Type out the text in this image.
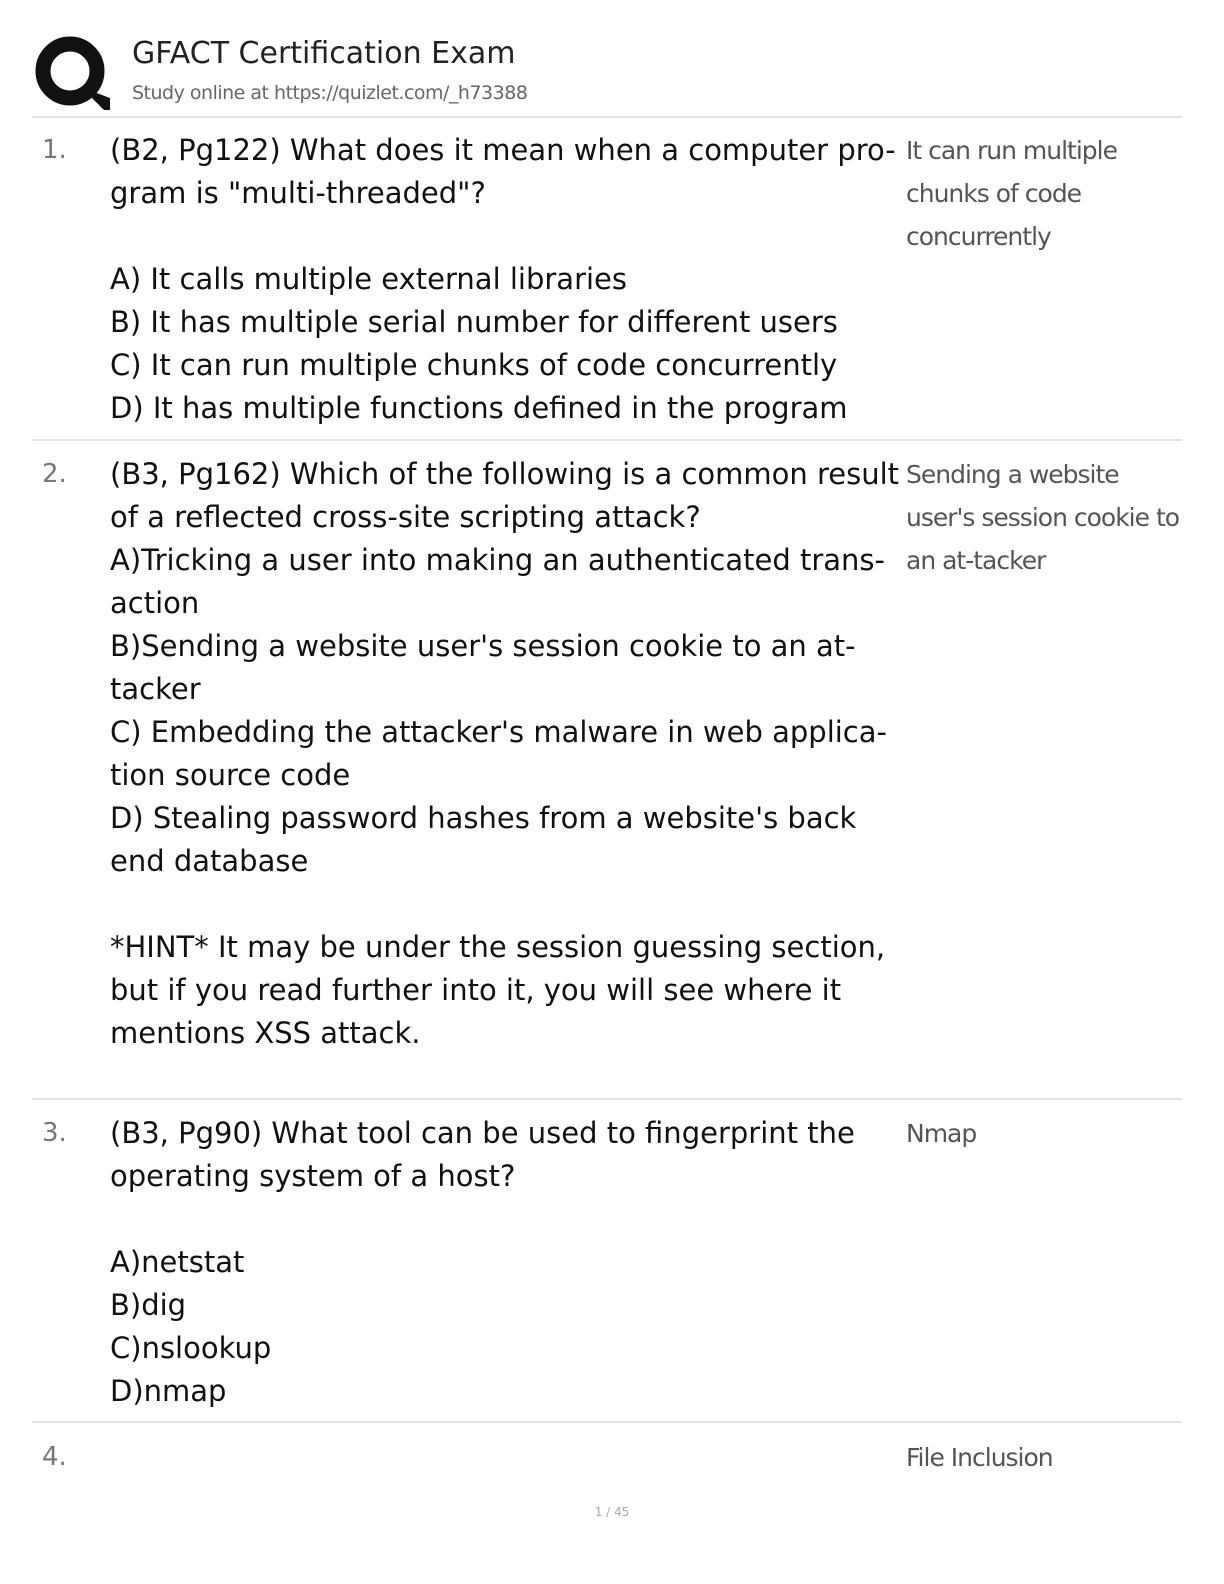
GFACT Certification Exam
Study online at https://quizlet.com/_h73388
1. (B2, Pg122) What does it mean when a computer pro-
gram is "multi-threaded"?

A) It calls multiple external libraries
B) It has multiple serial number for different users
C) It can run multiple chunks of code concurrently
D) It has multiple functions defined in the program
It can run multiple chunks of code concurrently
2. (B3, Pg162) Which of the following is a common result
of a reflected cross-site scripting attack?
A)Tricking a user into making an authenticated trans-
action
B)Sending a website user's session cookie to an at-
tacker
C) Embedding the attacker's malware in web applica-
tion source code
D) Stealing password hashes from a website's back
end database

*HINT* It may be under the session guessing section,
but if you read further into it, you will see where it
mentions XSS attack.
Sending a website user's session cookie to an at-tacker
3. (B3, Pg90) What tool can be used to fingerprint the
operating system of a host?

A)netstat
B)dig
C)nslookup
D)nmap
Nmap
4.	File Inclusion
1 / 45
